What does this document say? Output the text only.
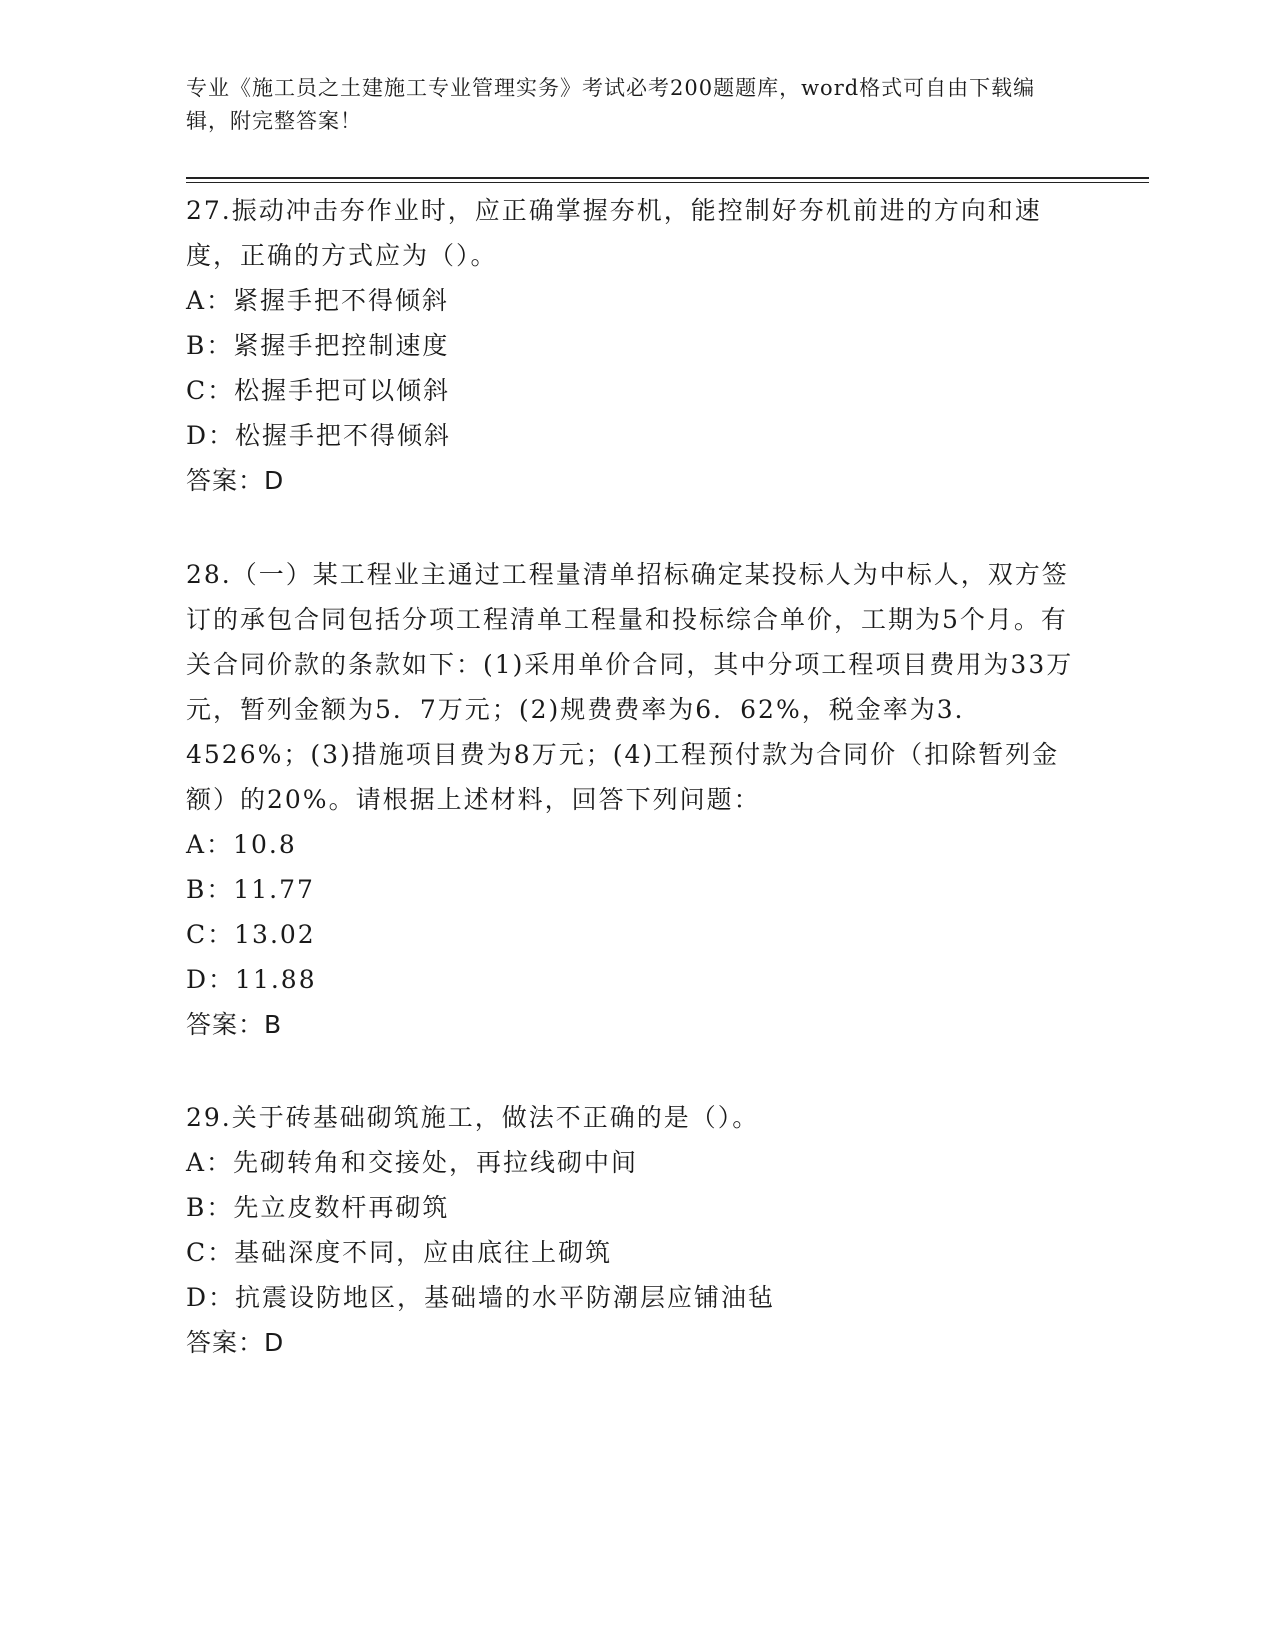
专业《施工员之土建施工专业管理实务》考试必考200题题库，word格式可自由下载编辑，附完整答案！
27.振动冲击夯作业时，应正确掌握夯机，能控制好夯机前进的方向和速度，正确的方式应为（）。
A：紧握手把不得倾斜
B：紧握手把控制速度
C：松握手把可以倾斜
D：松握手把不得倾斜
答案：D
28.（一）某工程业主通过工程量清单招标确定某投标人为中标人，双方签订的承包合同包括分项工程清单工程量和投标综合单价，工期为5个月。有关合同价款的条款如下：(1)采用单价合同，其中分项工程项目费用为33万元，暂列金额为5．7万元；(2)规费费率为6．62%，税金率为3．4526%；(3)措施项目费为8万元；(4)工程预付款为合同价（扣除暂列金额）的20%。请根据上述材料，回答下列问题：
A：10.8
B：11.77
C：13.02
D：11.88
答案：B
29.关于砖基础砌筑施工，做法不正确的是（）。
A：先砌转角和交接处，再拉线砌中间
B：先立皮数杆再砌筑
C：基础深度不同，应由底往上砌筑
D：抗震设防地区，基础墙的水平防潮层应铺油毡
答案：D
